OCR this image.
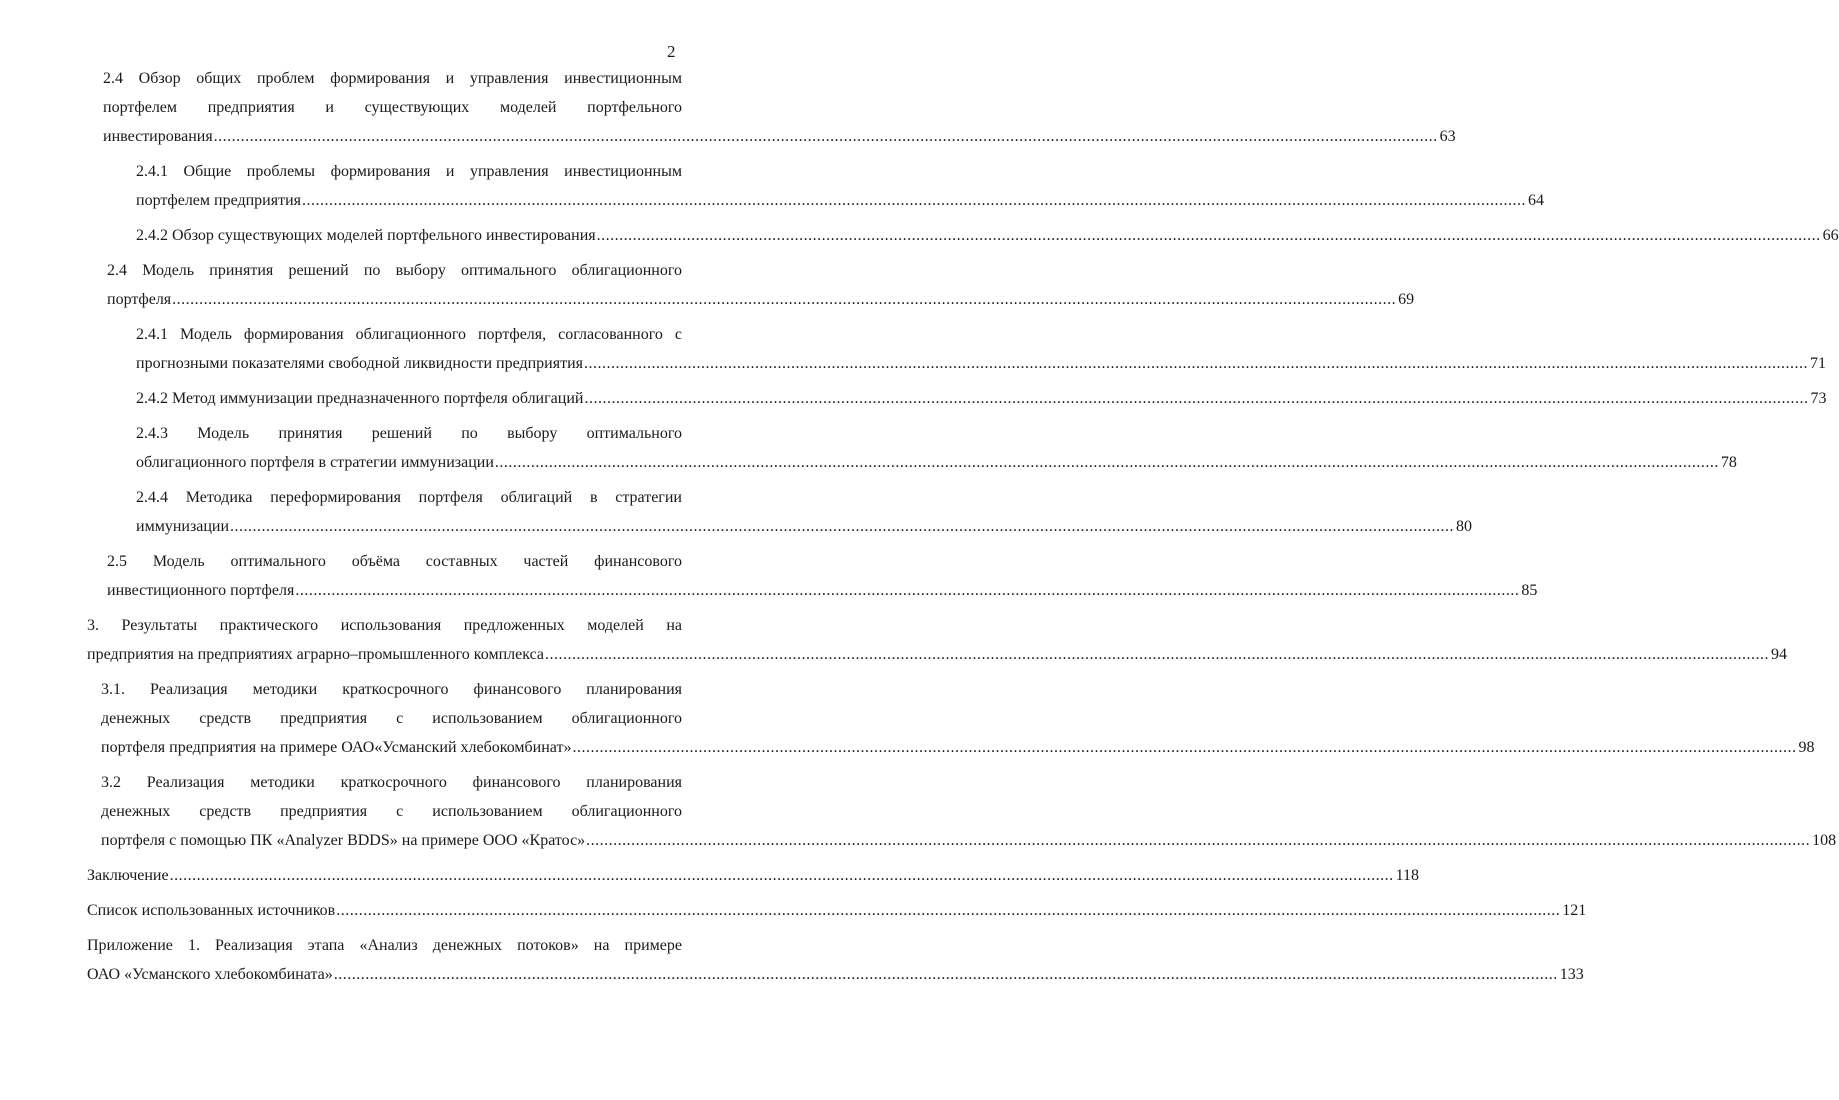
2
2.4 Обзор общих проблем формирования и управления инвестиционным
портфелем предприятия и существующих моделей портфельного
инвестирования ................................................................................................................................................................................................................................................................................ 63
2.4.1 Общие проблемы формирования и управления инвестиционным
портфелем предприятия ................................................................................................................................................................................................................................................................................ 64
2.4.2 Обзор существующих моделей портфельного инвестирования ................................................................................................................................................................................................................................................................................ 66
2.4 Модель принятия решений по выбору оптимального облигационного
портфеля ................................................................................................................................................................................................................................................................................ 69
2.4.1 Модель формирования облигационного портфеля, согласованного с
прогнозными показателями свободной ликвидности предприятия ................................................................................................................................................................................................................................................................................ 71
2.4.2 Метод иммунизации предназначенного портфеля облигаций ................................................................................................................................................................................................................................................................................ 73
2.4.3 Модель принятия решений по выбору оптимального
облигационного портфеля в стратегии иммунизации ................................................................................................................................................................................................................................................................................ 78
2.4.4 Методика переформирования портфеля облигаций в стратегии
иммунизации ................................................................................................................................................................................................................................................................................ 80
2.5 Модель оптимального объёма составных частей финансового
инвестиционного портфеля ................................................................................................................................................................................................................................................................................ 85
3. Результаты практического использования предложенных моделей на
предприятия на предприятиях аграрно–промышленного комплекса ................................................................................................................................................................................................................................................................................ 94
3.1. Реализация методики краткосрочного финансового планирования
денежных средств предприятия с использованием облигационного
портфеля предприятия на примере ОАО«Усманский хлебокомбинат» ................................................................................................................................................................................................................................................................................ 98
3.2 Реализация методики краткосрочного финансового планирования
денежных средств предприятия с использованием облигационного
портфеля с помощью ПК «Analyzer BDDS» на примере ООО «Кратос» ................................................................................................................................................................................................................................................................................ 108
Заключение ................................................................................................................................................................................................................................................................................ 118
Список использованных источников ................................................................................................................................................................................................................................................................................ 121
Приложение 1. Реализация этапа «Анализ денежных потоков» на примере
ОАО «Усманского хлебокомбината» ................................................................................................................................................................................................................................................................................ 133
